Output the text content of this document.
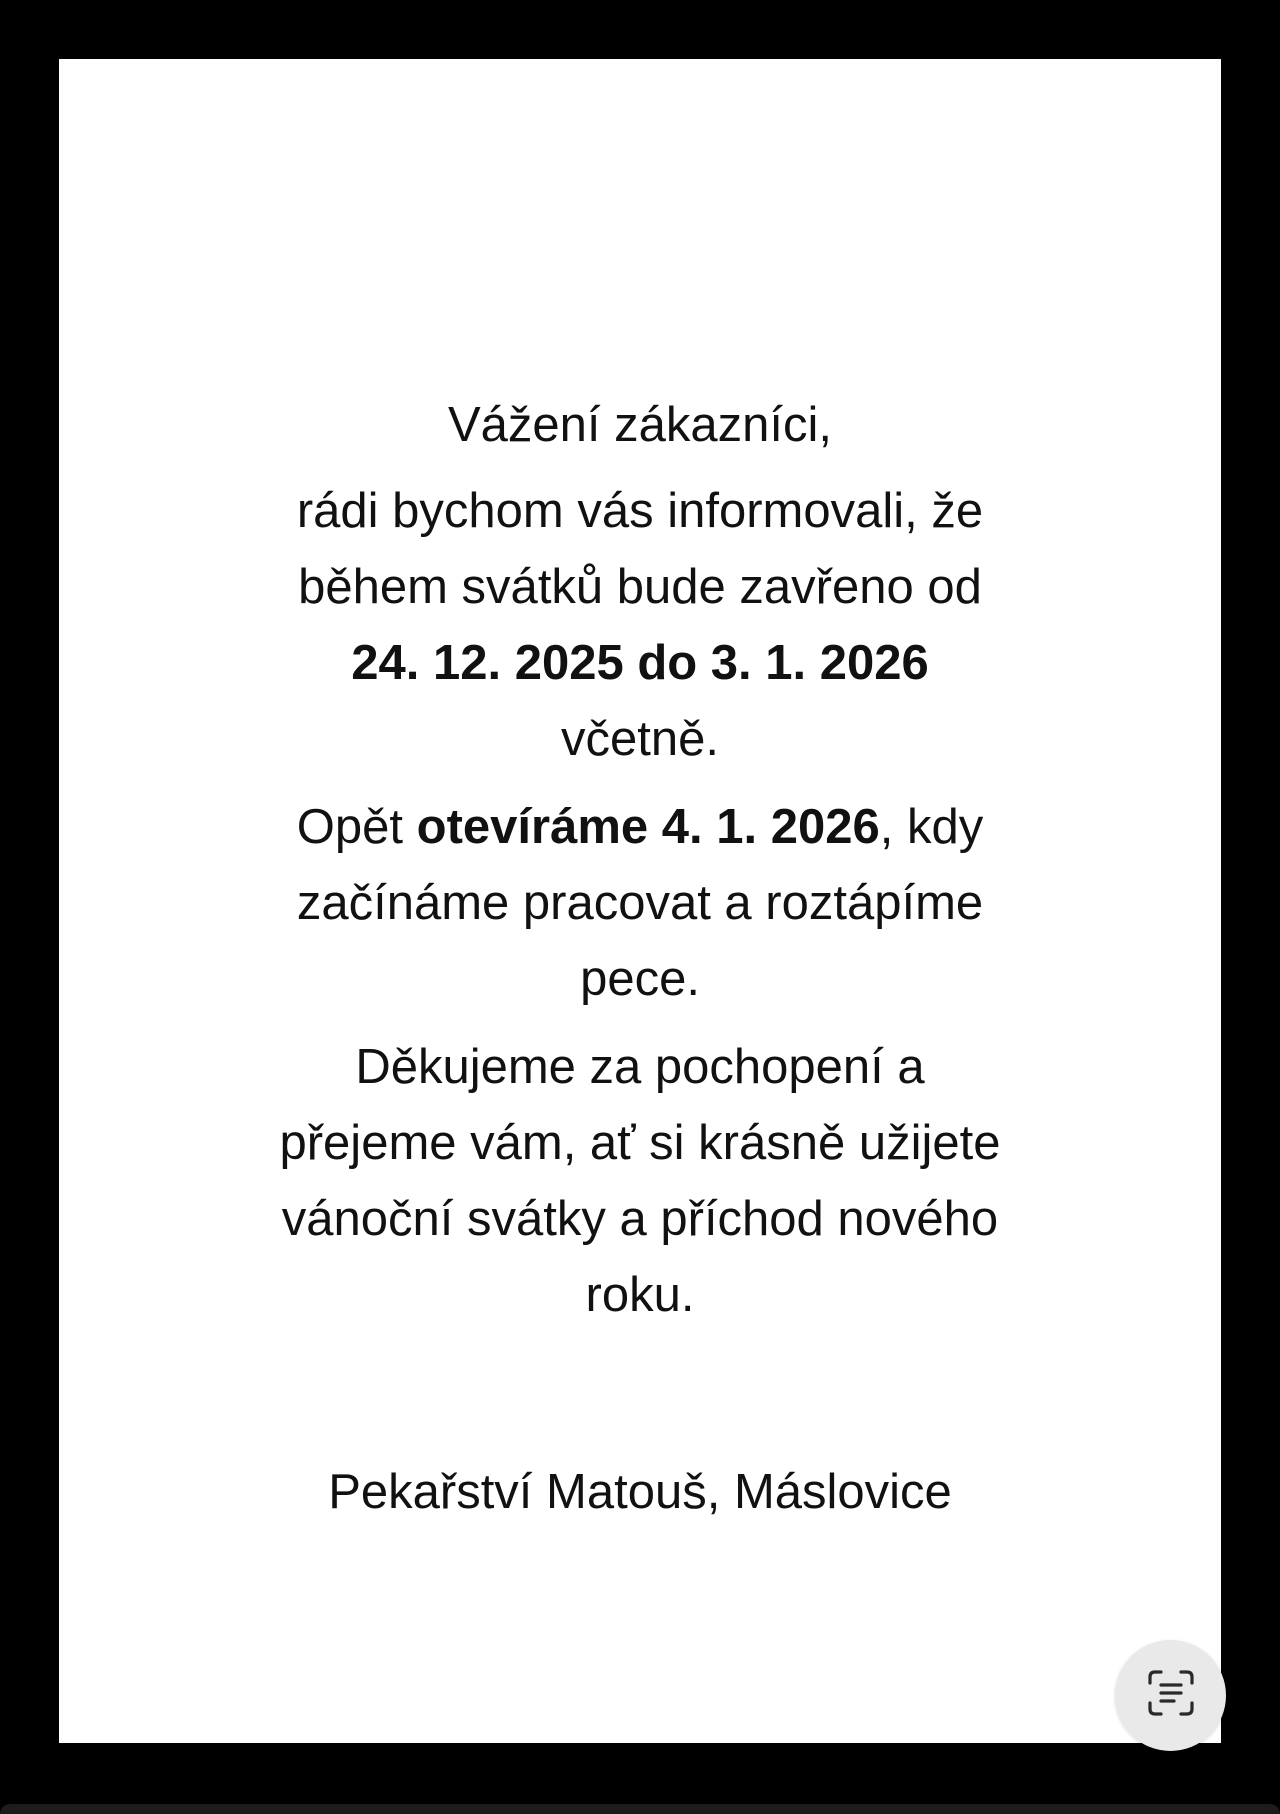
Vážení zákazníci,

rádi bychom vás informovali, že
během svátků bude zavřeno od
24. 12. 2025 do 3. 1. 2026
včetně.

Opět otevíráme 4. 1. 2026, kdy
začínáme pracovat a roztápíme
pece.

Děkujeme za pochopení a
přejeme vám, ať si krásně užijete
vánoční svátky a příchod nového
roku.

Pekařství Matouš, Máslovice
